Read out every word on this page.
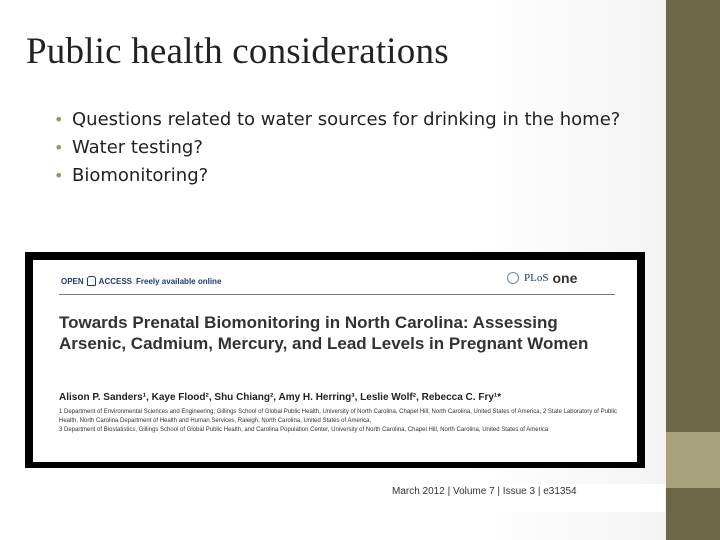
Public health considerations
• Questions related to water sources for drinking in the home?
• Water testing?
• Biomonitoring?
OPEN ACCESS Freely available online	PLoS one
Towards Prenatal Biomonitoring in North Carolina: Assessing Arsenic, Cadmium, Mercury, and Lead Levels in Pregnant Women
Alison P. Sanders¹, Kaye Flood², Shu Chiang², Amy H. Herring³, Leslie Wolf², Rebecca C. Fry¹*

1 Department of Environmental Sciences and Engineering, Gillings School of Global Public Health, University of North Carolina, Chapel Hill, North Carolina, United States of America, 2 State Laboratory of Public Health, North Carolina Department of Health and Human Services, Raleigh, North Carolina, United States of America,

3 Department of Biostatistics, Gillings School of Global Public Health, and Carolina Population Center, University of North Carolina, Chapel Hill, North Carolina, United States of America

March 2012 | Volume 7 | Issue 3 | e31354
